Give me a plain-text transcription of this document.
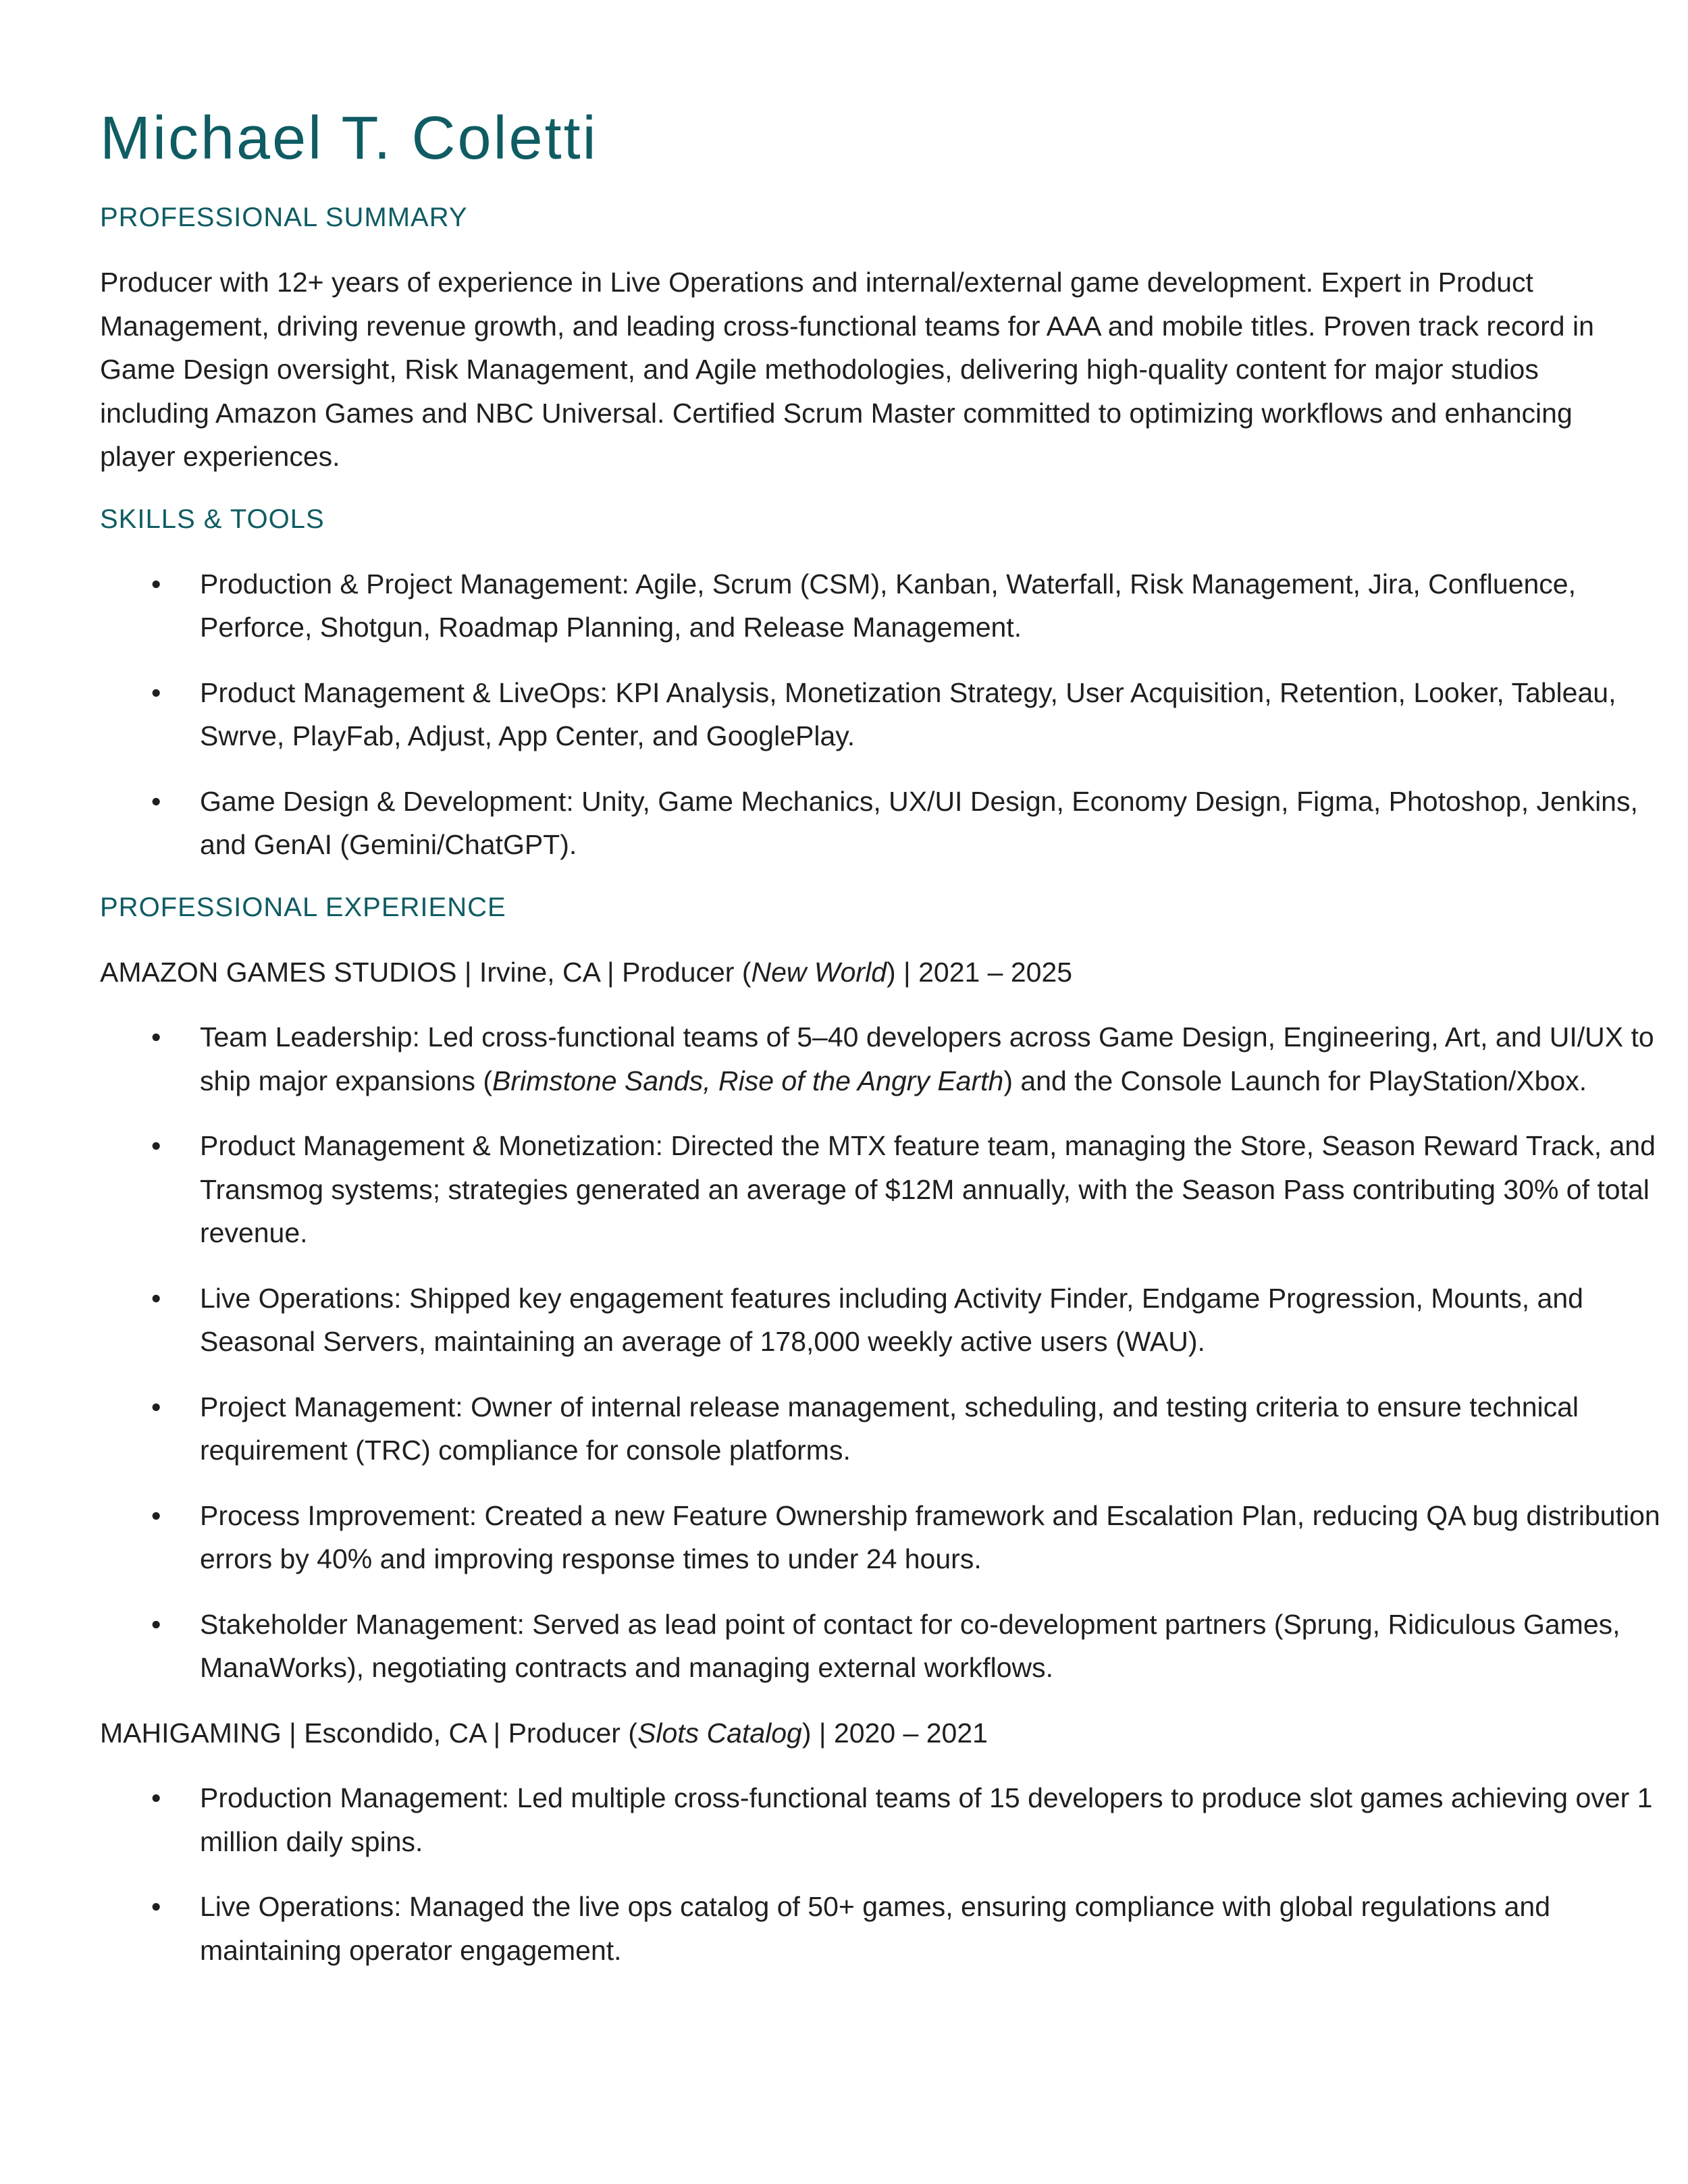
Michael T. Coletti
PROFESSIONAL SUMMARY

Producer with 12+ years of experience in Live Operations and internal/external game development. Expert in Product Management, driving revenue growth, and leading cross-functional teams for AAA and mobile titles. Proven track record in Game Design oversight, Risk Management, and Agile methodologies, delivering high-quality content for major studios including Amazon Games and NBC Universal. Certified Scrum Master committed to optimizing workflows and enhancing player experiences.

SKILLS & TOOLS
• Production & Project Management: Agile, Scrum (CSM), Kanban, Waterfall, Risk Management, Jira, Confluence, Perforce, Shotgun, Roadmap Planning, and Release Management.
• Product Management & LiveOps: KPI Analysis, Monetization Strategy, User Acquisition, Retention, Looker, Tableau, Swrve, PlayFab, Adjust, App Center, and GooglePlay.
• Game Design & Development: Unity, Game Mechanics, UX/UI Design, Economy Design, Figma, Photoshop, Jenkins, and GenAI (Gemini/ChatGPT).
PROFESSIONAL EXPERIENCE

AMAZON GAMES STUDIOS | Irvine, CA | Producer (New World) | 2021 – 2025

• Team Leadership: Led cross-functional teams of 5–40 developers across Game Design, Engineering, Art, and UI/UX to ship major expansions (Brimstone Sands, Rise of the Angry Earth) and the Console Launch for PlayStation/Xbox.
• Product Management & Monetization: Directed the MTX feature team, managing the Store, Season Reward Track, and Transmog systems; strategies generated an average of $12M annually, with the Season Pass contributing 30% of total revenue.
• Live Operations: Shipped key engagement features including Activity Finder, Endgame Progression, Mounts, and Seasonal Servers, maintaining an average of 178,000 weekly active users (WAU).
• Project Management: Owner of internal release management, scheduling, and testing criteria to ensure technical requirement (TRC) compliance for console platforms.
• Process Improvement: Created a new Feature Ownership framework and Escalation Plan, reducing QA bug distribution errors by 40% and improving response times to under 24 hours.
• Stakeholder Management: Served as lead point of contact for co-development partners (Sprung, Ridiculous Games, ManaWorks), negotiating contracts and managing external workflows.

MAHIGAMING | Escondido, CA | Producer (Slots Catalog) | 2020 – 2021

• Production Management: Led multiple cross-functional teams of 15 developers to produce slot games achieving over 1 million daily spins.
• Live Operations: Managed the live ops catalog of 50+ games, ensuring compliance with global regulations and maintaining operator engagement.
